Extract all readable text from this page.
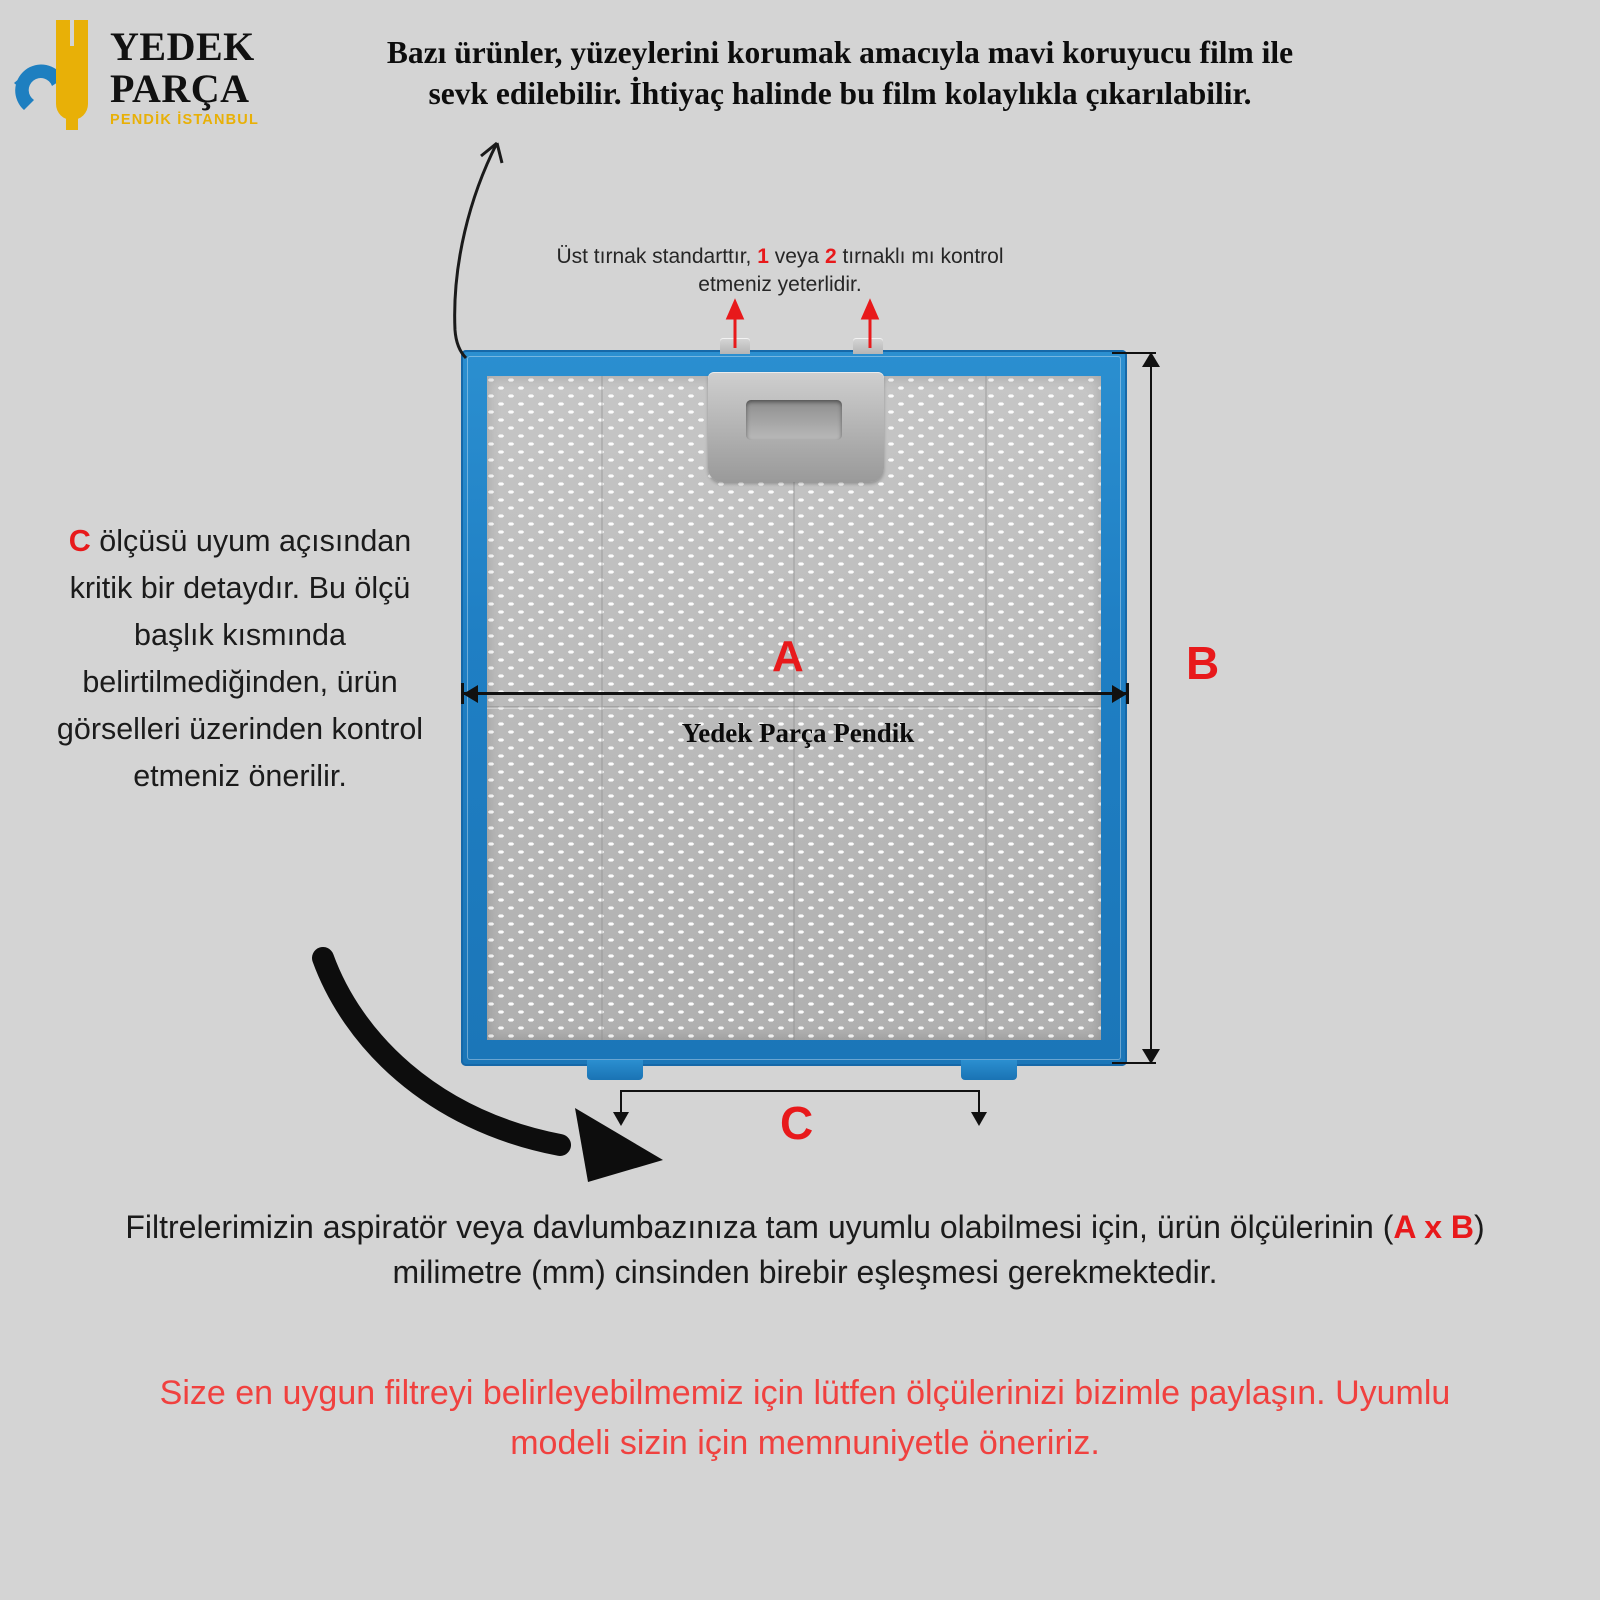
YEDEK
PARÇA
PENDİK İSTANBUL
Bazı ürünler, yüzeylerini korumak amacıyla mavi koruyucu film ile sevk edilebilir. İhtiyaç halinde bu film kolaylıkla çıkarılabilir.
Üst tırnak standarttır, 1 veya 2 tırnaklı mı kontrol etmeniz yeterlidir.
C ölçüsü uyum açısından kritik bir detaydır. Bu ölçü başlık kısmında belirtilmediğinden, ürün görselleri üzerinden kontrol etmeniz önerilir.
A
Yedek Parça Pendik
B
C
Filtrelerimizin aspiratör veya davlumbazınıza tam uyumlu olabilmesi için, ürün ölçülerinin (A x B) milimetre (mm) cinsinden birebir eşleşmesi gerekmektedir.
Size en uygun filtreyi belirleyebilmemiz için lütfen ölçülerinizi bizimle paylaşın. Uyumlu modeli sizin için memnuniyetle öneririz.
